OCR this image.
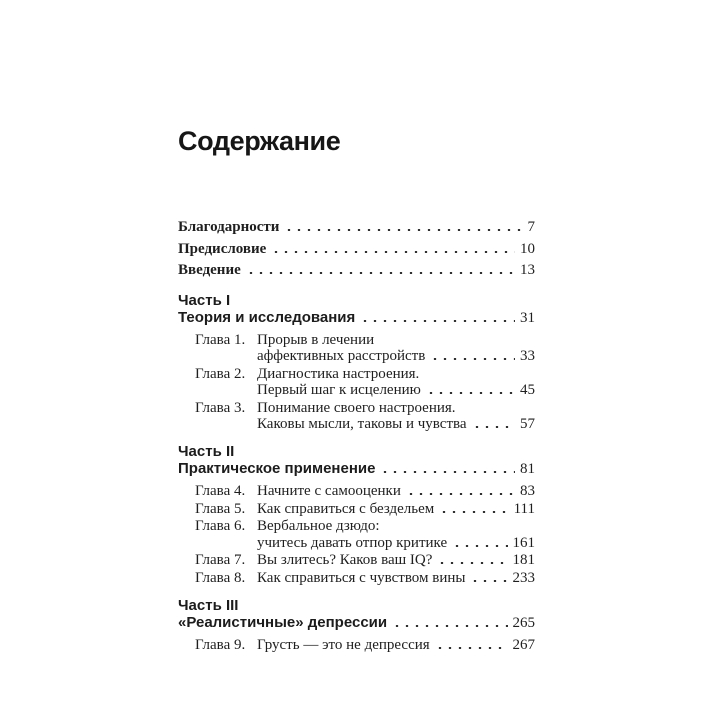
Содержание
Благодарности	7
Предисловие	10
Введение	13
Часть I
Теория и исследования	31
Глава 1. Прорыв в лечении
аффективных расстройств	33
Глава 2. Диагностика настроения.
Первый шаг к исцелению	45
Глава 3. Понимание своего настроения.
Каковы мысли, таковы и чувства	57
Часть II
Практическое применение	81
Глава 4. Начните с самооценки	83
Глава 5. Как справиться с бездельем	111
Глава 6. Вербальное дзюдо:
учитесь давать отпор критике	161
Глава 7. Вы злитесь? Каков ваш IQ?	181
Глава 8. Как справиться с чувством вины	233
Часть III
«Реалистичные» депрессии	265
Глава 9. Грусть — это не депрессия	267
